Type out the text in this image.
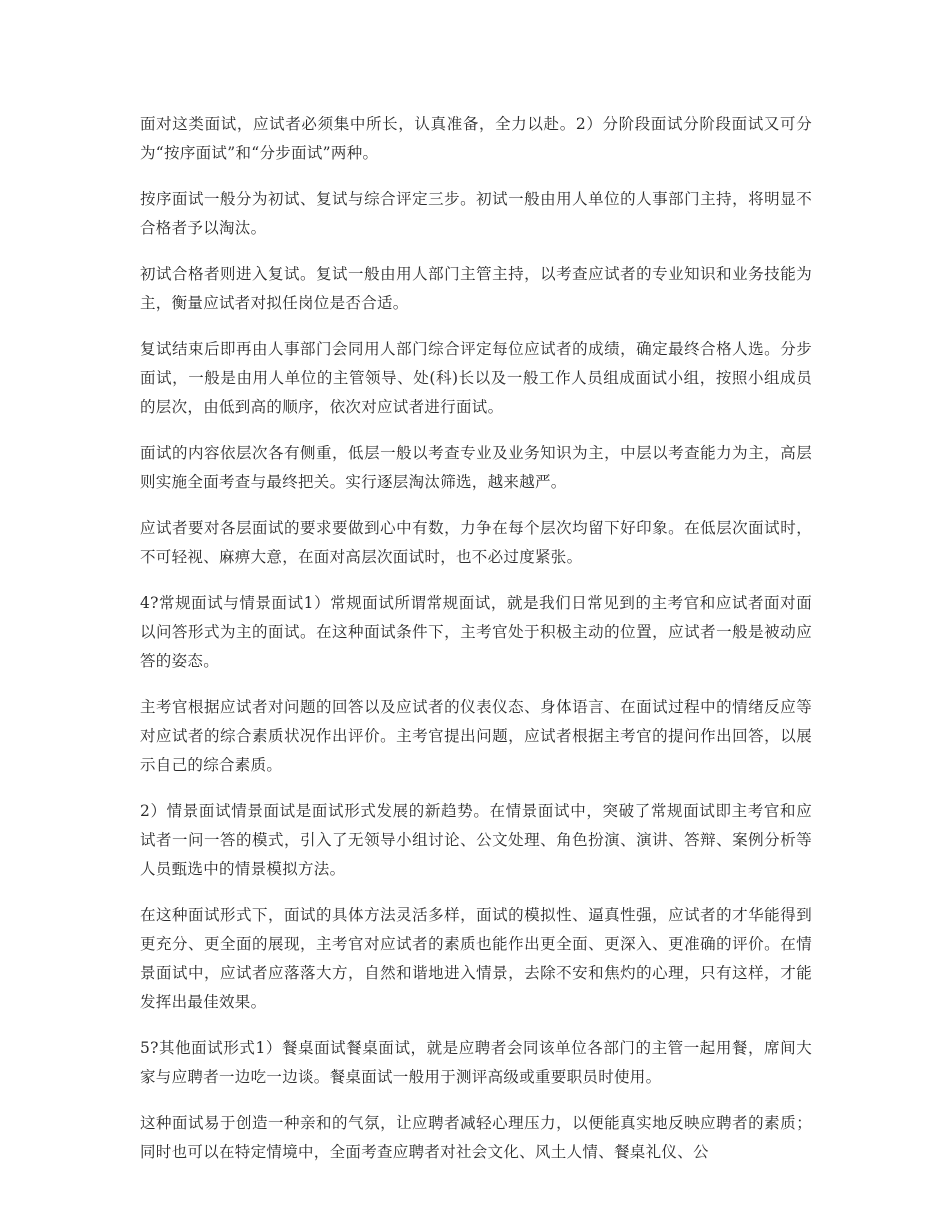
面对这类面试，应试者必须集中所长，认真准备，全力以赴。2）分阶段面试分阶段面试又可分为“按序面试”和“分步面试”两种。

按序面试一般分为初试、复试与综合评定三步。初试一般由用人单位的人事部门主持，将明显不合格者予以淘汰。

初试合格者则进入复试。复试一般由用人部门主管主持，以考查应试者的专业知识和业务技能为主，衡量应试者对拟任岗位是否合适。

复试结束后即再由人事部门会同用人部门综合评定每位应试者的成绩，确定最终合格人选。分步面试，一般是由用人单位的主管领导、处(科)长以及一般工作人员组成面试小组，按照小组成员的层次，由低到高的顺序，依次对应试者进行面试。

面试的内容依层次各有侧重，低层一般以考查专业及业务知识为主，中层以考查能力为主，高层则实施全面考查与最终把关。实行逐层淘汰筛选，越来越严。

应试者要对各层面试的要求要做到心中有数，力争在每个层次均留下好印象。在低层次面试时，不可轻视、麻痹大意，在面对高层次面试时，也不必过度紧张。

4?常规面试与情景面试1）常规面试所谓常规面试，就是我们日常见到的主考官和应试者面对面以问答形式为主的面试。在这种面试条件下，主考官处于积极主动的位置，应试者一般是被动应答的姿态。

主考官根据应试者对问题的回答以及应试者的仪表仪态、身体语言、在面试过程中的情绪反应等对应试者的综合素质状况作出评价。主考官提出问题，应试者根据主考官的提问作出回答，以展示自己的综合素质。

2）情景面试情景面试是面试形式发展的新趋势。在情景面试中，突破了常规面试即主考官和应试者一问一答的模式，引入了无领导小组讨论、公文处理、角色扮演、演讲、答辩、案例分析等人员甄选中的情景模拟方法。

在这种面试形式下，面试的具体方法灵活多样，面试的模拟性、逼真性强，应试者的才华能得到更充分、更全面的展现，主考官对应试者的素质也能作出更全面、更深入、更准确的评价。在情景面试中，应试者应落落大方，自然和谐地进入情景，去除不安和焦灼的心理，只有这样，才能发挥出最佳效果。

5?其他面试形式1）餐桌面试餐桌面试，就是应聘者会同该单位各部门的主管一起用餐，席间大家与应聘者一边吃一边谈。餐桌面试一般用于测评高级或重要职员时使用。

这种面试易于创造一种亲和的气氛，让应聘者减轻心理压力，以便能真实地反映应聘者的素质；同时也可以在特定情境中，全面考查应聘者对社会文化、风土人情、餐桌礼仪、公
